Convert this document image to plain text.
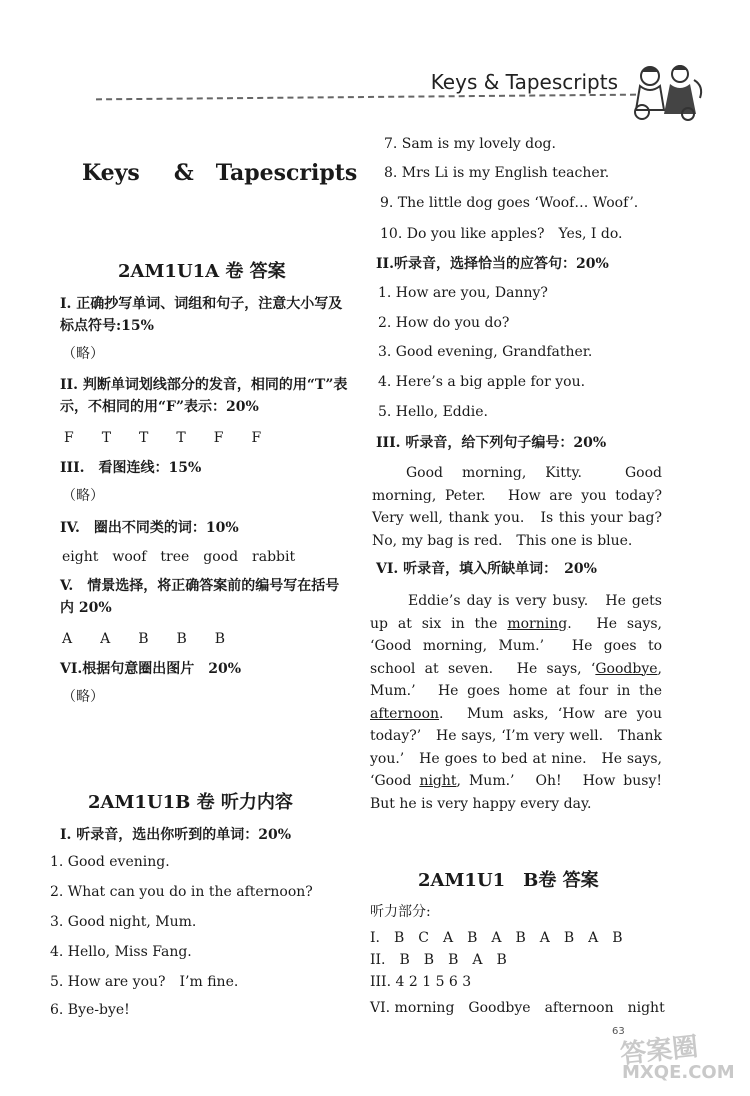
Keys & Tapescripts
Keys & Tapescripts
2AM1U1A 卷 答案
I. 正确抄写单词、词组和句子，注意大小写及标点符号:15%
（略）
II. 判断单词划线部分的发音，相同的用“T”表示，不相同的用“F”表示：20%
F　　T　　T　　T　　F　　F
III.　看图连线：15%
（略）
IV.　圈出不同类的词：10%
eight　woof　tree　good　rabbit
V.　情景选择，将正确答案前的编号写在括号内 20%
A　　A　　B　　B　　B
VI.根据句意圈出图片　20%
（略）
2AM1U1B 卷 听力内容
I. 听录音，选出你听到的单词：20%
1. Good evening.
2. What can you do in the afternoon?
3. Good night, Mum.
4. Hello, Miss Fang.
5. How are you?　I’m fine.
6. Bye-bye!
7. Sam is my lovely dog.
8. Mrs Li is my English teacher.
9. The little dog goes ‘Woof… Woof’.
10. Do you like apples?　Yes, I do.
II.听录音，选择恰当的应答句：20%
1. How are you, Danny?
2. How do you do?
3. Good evening, Grandfather.
4. Here’s a big apple for you.
5. Hello, Eddie.
III. 听录音，给下列句子编号：20%
Good morning, Kitty.　Good morning, Peter.　How are you today?　Very well, thank you.　Is this your bag?　No, my bag is red.　This one is blue.
VI. 听录音，填入所缺单词：　20%
Eddie’s day is very busy.　He gets up at six in the morning.　He says, ‘Good morning, Mum.’　He goes to school at seven.　He says, ‘Goodbye, Mum.’　He goes home at four in the afternoon.　Mum asks, ‘How are you today?’　He says, ‘I’m very well.　Thank you.’　He goes to bed at nine.　He says, ‘Good night, Mum.’　Oh!　How busy!　But he is very happy every day.
2AM1U1　B卷 答案
听力部分:
I.　B　C　A　B　A　B　A　B　A　B
II.　B　B　B　A　B
III. 4 2 1 5 6 3
VI. morning　Goodbye　afternoon　night
63
答案圈
MXQE.COM
